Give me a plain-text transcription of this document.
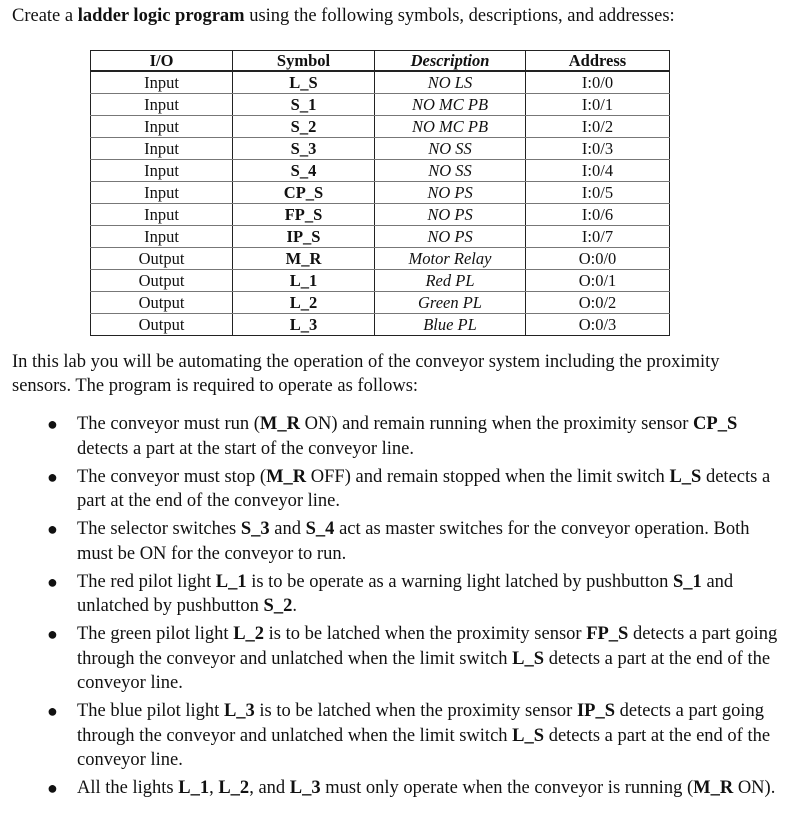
Create a ladder logic program using the following symbols, descriptions, and addresses:
I/O	Symbol	Description	Address
Input	L_S	NO LS	I:0/0
Input	S_1	NO MC PB	I:0/1
Input	S_2	NO MC PB	I:0/2
Input	S_3	NO SS	I:0/3
Input	S_4	NO SS	I:0/4
Input	CP_S	NO PS	I:0/5
Input	FP_S	NO PS	I:0/6
Input	IP_S	NO PS	I:0/7
Output	M_R	Motor Relay	O:0/0
Output	L_1	Red PL	O:0/1
Output	L_2	Green PL	O:0/2
Output	L_3	Blue PL	O:0/3
In this lab you will be automating the operation of the conveyor system including the proximity sensors. The program is required to operate as follows:
● The conveyor must run (M_R ON) and remain running when the proximity sensor CP_S detects a part at the start of the conveyor line.
● The conveyor must stop (M_R OFF) and remain stopped when the limit switch L_S detects a part at the end of the conveyor line.
● The selector switches S_3 and S_4 act as master switches for the conveyor operation. Both must be ON for the conveyor to run.
● The red pilot light L_1 is to be operate as a warning light latched by pushbutton S_1 and unlatched by pushbutton S_2.
● The green pilot light L_2 is to be latched when the proximity sensor FP_S detects a part going through the conveyor and unlatched when the limit switch L_S detects a part at the end of the conveyor line.
● The blue pilot light L_3 is to be latched when the proximity sensor IP_S detects a part going through the conveyor and unlatched when the limit switch L_S detects a part at the end of the conveyor line.
● All the lights L_1, L_2, and L_3 must only operate when the conveyor is running (M_R ON).
